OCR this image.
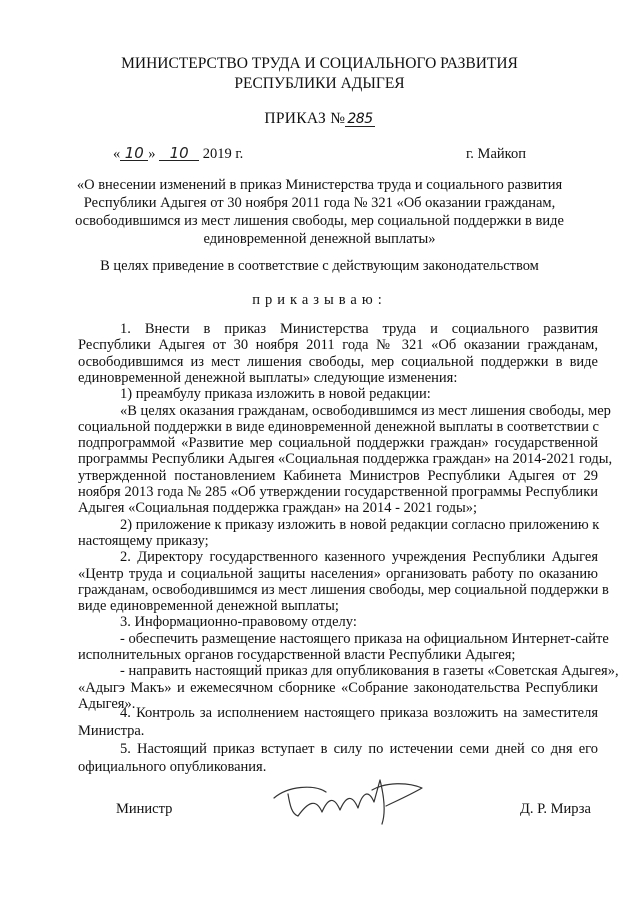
МИНИСТЕРСТВО ТРУДА И СОЦИАЛЬНОГО РАЗВИТИЯ
РЕСПУБЛИКИ АДЫГЕЯ
ПРИКАЗ № 285
« 10 » 10 2019 г.	г. Майкоп
«О внесении изменений в приказ Министерства труда и социального развития
Республики Адыгея от 30 ноября 2011 года № 321 «Об оказании гражданам,
освободившимся из мест лишения свободы, мер социальной поддержки в виде
единовременной денежной выплаты»
В целях приведение в соответствие с действующим законодательством
приказываю:
1. Внести в приказ Министерства труда и социального развития
Республики Адыгея от 30 ноября 2011 года № 321 «Об оказании гражданам,
освободившимся из мест лишения свободы, мер социальной поддержки в виде
единовременной денежной выплаты» следующие изменения:
1) преамбулу приказа изложить в новой редакции:
«В целях оказания гражданам, освободившимся из мест лишения свободы, мер
социальной поддержки в виде единовременной денежной выплаты в соответствии с
подпрограммой «Развитие мер социальной поддержки граждан» государственной
программы Республики Адыгея «Социальная поддержка граждан» на 2014-2021 годы,
утвержденной постановлением Кабинета Министров Республики Адыгея от 29
ноября 2013 года № 285 «Об утверждении государственной программы Республики
Адыгея «Социальная поддержка граждан» на 2014 - 2021 годы»;
2) приложение к приказу изложить в новой редакции согласно приложению к
настоящему приказу;
2. Директору государственного казенного учреждения Республики Адыгея
«Центр труда и социальной защиты населения» организовать работу по оказанию
гражданам, освободившимся из мест лишения свободы, мер социальной поддержки в
виде единовременной денежной выплаты;
3. Информационно-правовому отделу:
- обеспечить размещение настоящего приказа на официальном Интернет-сайте
исполнительных органов государственной власти Республики Адыгея;
- направить настоящий приказ для опубликования в газеты «Советская Адыгея»,
«Адыгэ Макъ» и ежемесячном сборнике «Собрание законодательства Республики
Адыгея».
4. Контроль за исполнением настоящего приказа возложить на заместителя
Министра.
Министр	Д. Р. Мирза
5. Настоящий приказ вступает в силу по истечении семи дней со дня его
официального опубликования.
